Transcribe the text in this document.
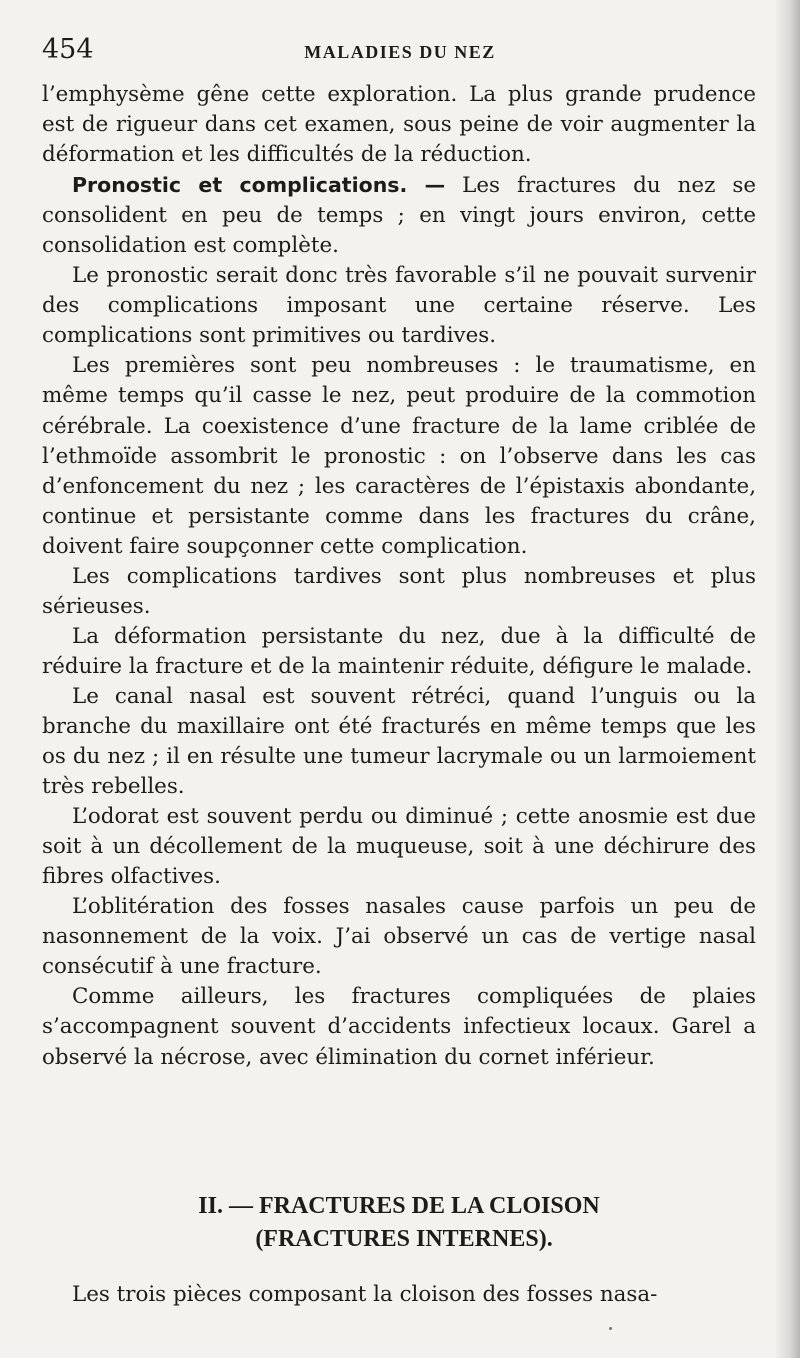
454	MALADIES DU NEZ

l’emphysème gêne cette exploration. La plus grande prudence est de rigueur dans cet examen, sous peine de voir augmenter la déformation et les difficultés de la réduction.

Pronostic et complications. — Les fractures du nez se consolident en peu de temps ; en vingt jours environ, cette consolidation est complète.

Le pronostic serait donc très favorable s’il ne pouvait survenir des complications imposant une certaine réserve. Les complications sont primitives ou tardives.

Les premières sont peu nombreuses : le traumatisme, en même temps qu’il casse le nez, peut produire de la commotion cérébrale. La coexistence d’une fracture de la lame criblée de l’ethmoïde assombrit le pronostic : on l’observe dans les cas d’enfoncement du nez ; les caractères de l’épistaxis abondante, continue et persistante comme dans les fractures du crâne, doivent faire soupçonner cette complication.

Les complications tardives sont plus nombreuses et plus sérieuses.

La déformation persistante du nez, due à la difficulté de réduire la fracture et de la maintenir réduite, défigure le malade.

Le canal nasal est souvent rétréci, quand l’unguis ou la branche du maxillaire ont été fracturés en même temps que les os du nez ; il en résulte une tumeur lacrymale ou un larmoiement très rebelles.

L’odorat est souvent perdu ou diminué ; cette anosmie est due soit à un décollement de la muqueuse, soit à une déchirure des fibres olfactives.

L’oblitération des fosses nasales cause parfois un peu de nasonnement de la voix. J’ai observé un cas de vertige nasal consécutif à une fracture.

Comme ailleurs, les fractures compliquées de plaies s’accompagnent souvent d’accidents infectieux locaux. Garel a observé la nécrose, avec élimination du cornet inférieur.

II. — FRACTURES DE LA CLOISON
(FRACTURES INTERNES).
Les trois pièces composant la cloison des fosses nasa-
